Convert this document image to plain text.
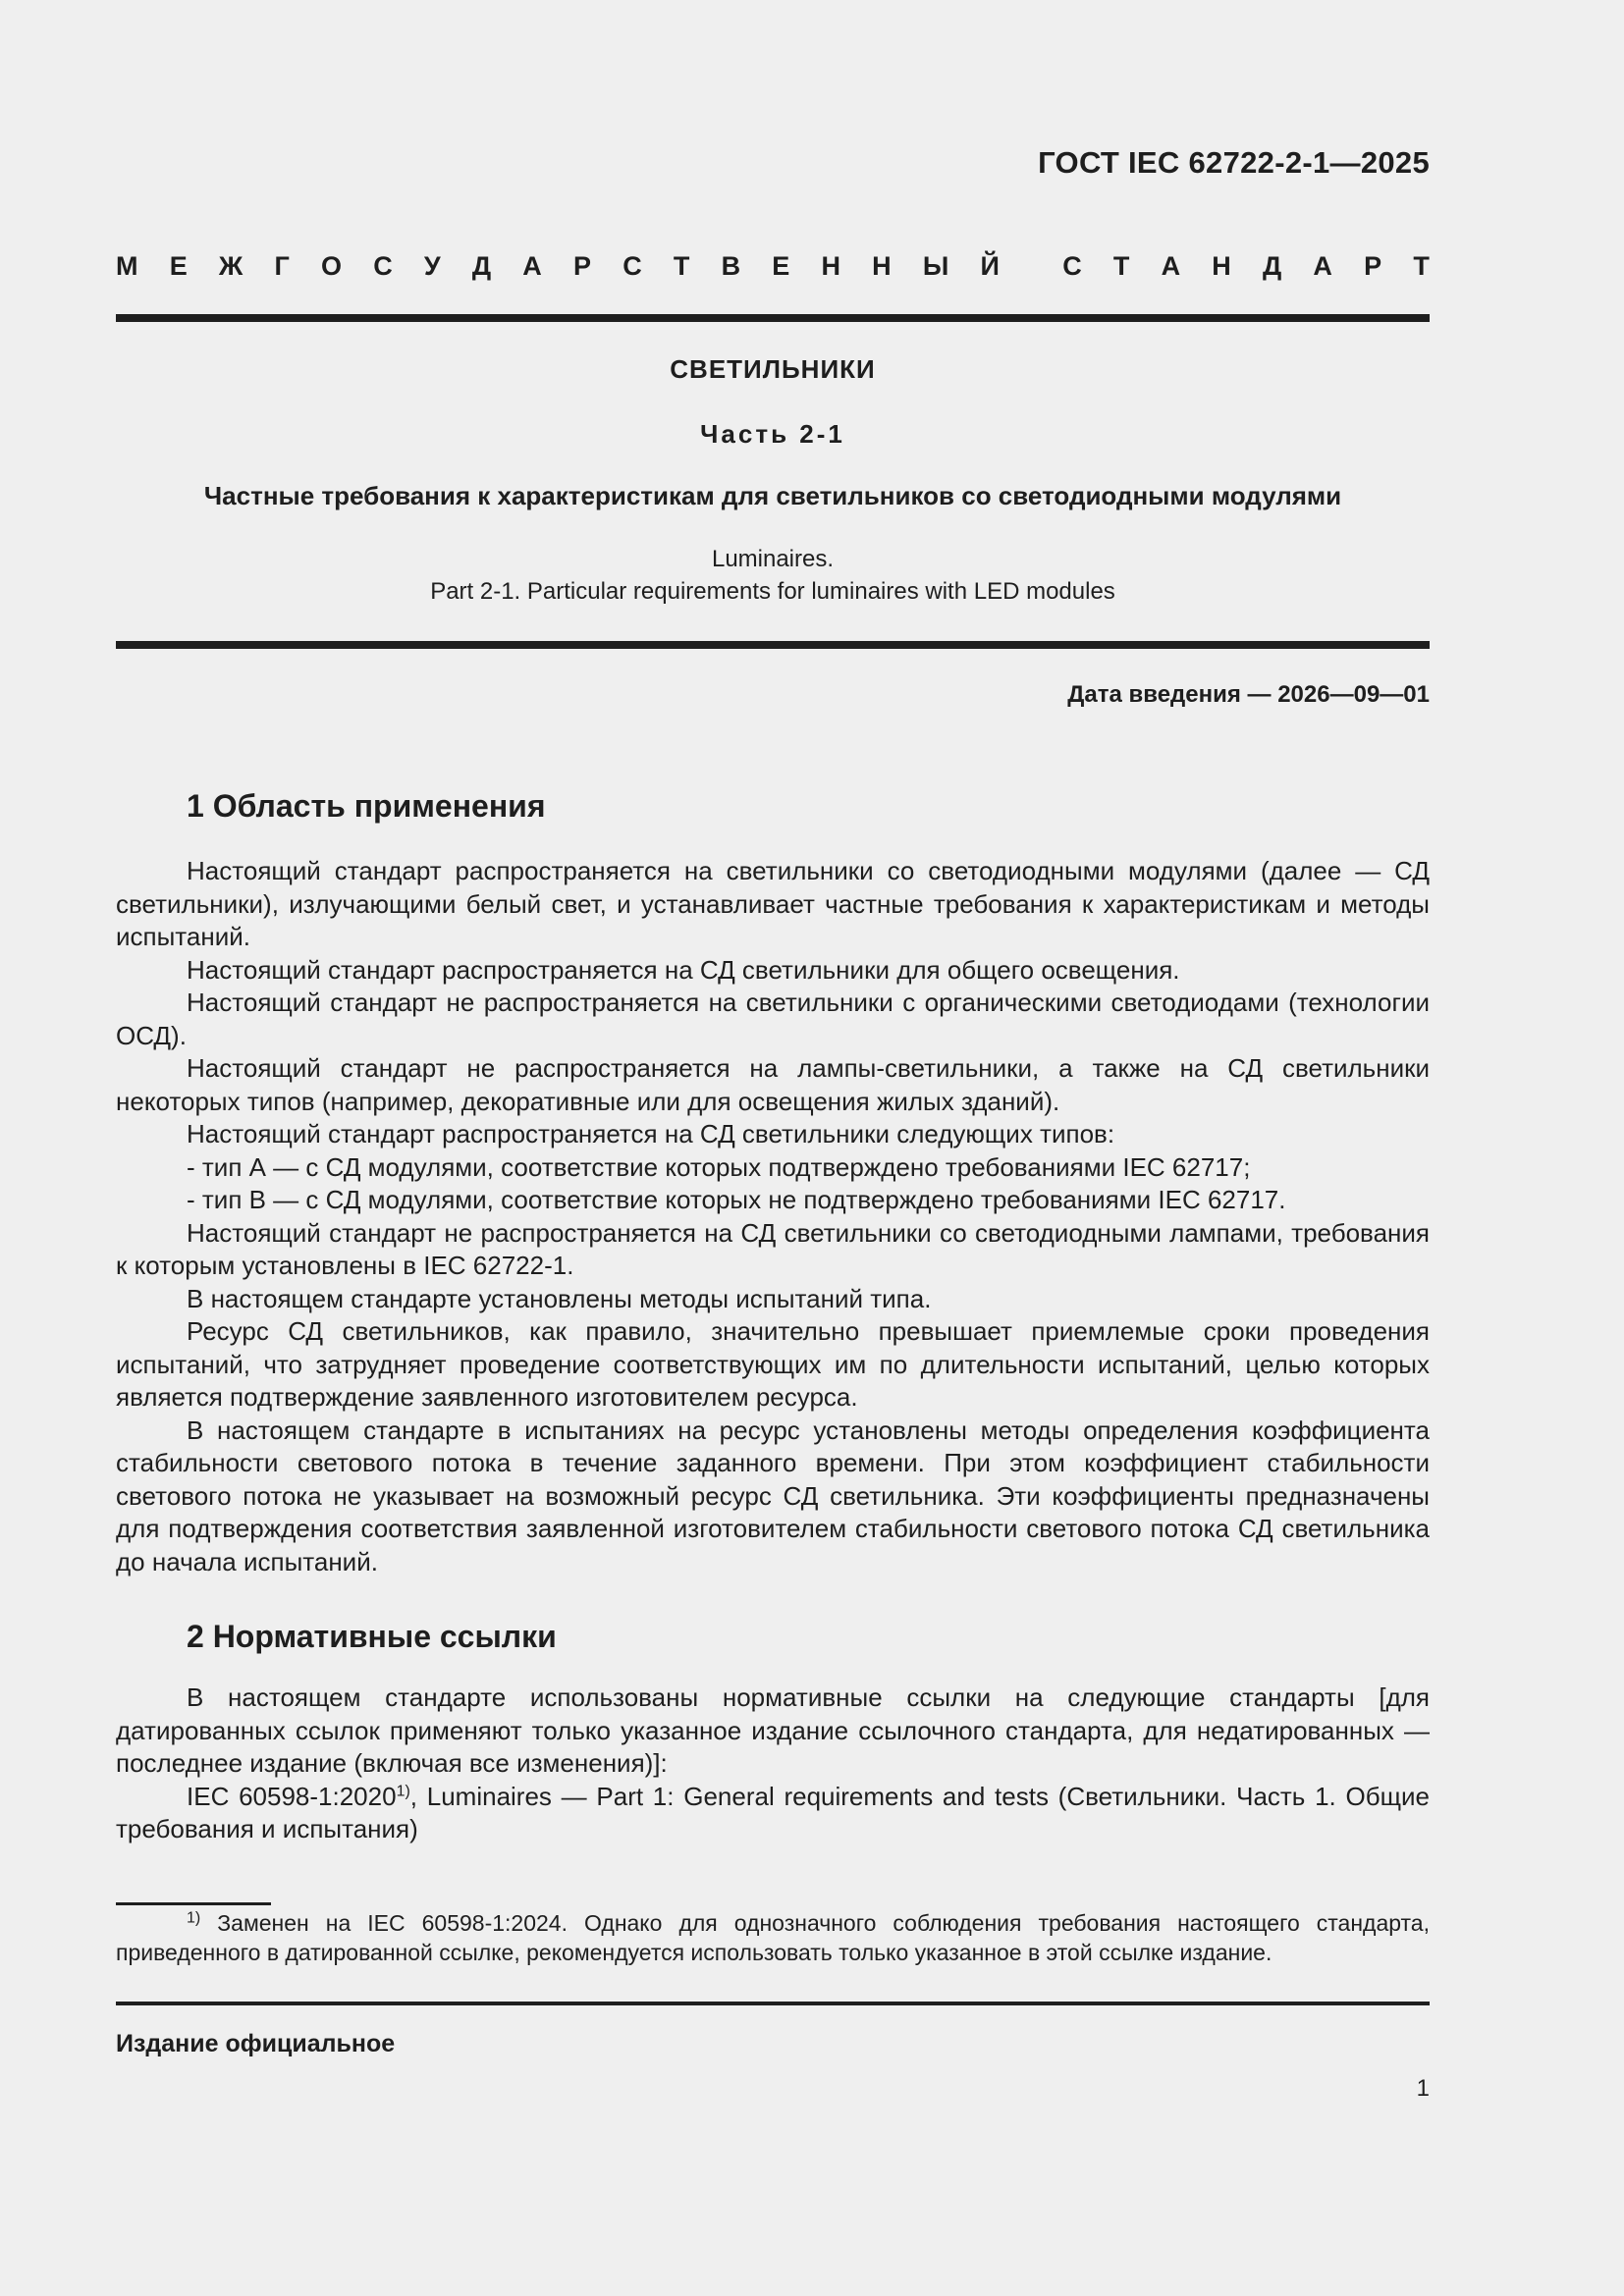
ГОСТ IEC 62722-2-1—2025
М Е Ж Г О С У Д А Р С Т В Е Н Н Ы Й С Т А Н Д А Р Т
СВЕТИЛЬНИКИ
Часть 2-1
Частные требования к характеристикам для светильников со светодиодными модулями
Luminaires.
Part 2-1. Particular requirements for luminaires with LED modules
Дата введения — 2026—09—01
1 Область применения

Настоящий стандарт распространяется на светильники со светодиодными модулями (далее — СД светильники), излучающими белый свет, и устанавливает частные требования к характеристикам и методы испытаний.

Настоящий стандарт распространяется на СД светильники для общего освещения.

Настоящий стандарт не распространяется на светильники с органическими светодиодами (технологии ОСД).

Настоящий стандарт не распространяется на лампы-светильники, а также на СД светильники некоторых типов (например, декоративные или для освещения жилых зданий).

Настоящий стандарт распространяется на СД светильники следующих типов:

- тип А — с СД модулями, соответствие которых подтверждено требованиями IEC 62717;

- тип В — с СД модулями, соответствие которых не подтверждено требованиями IEC 62717.

Настоящий стандарт не распространяется на СД светильники со светодиодными лампами, требования к которым установлены в IEC 62722-1.

В настоящем стандарте установлены методы испытаний типа.

Ресурс СД светильников, как правило, значительно превышает приемлемые сроки проведения испытаний, что затрудняет проведение соответствующих им по длительности испытаний, целью которых является подтверждение заявленного изготовителем ресурса.

В настоящем стандарте в испытаниях на ресурс установлены методы определения коэффициента стабильности светового потока в течение заданного времени. При этом коэффициент стабильности светового потока не указывает на возможный ресурс СД светильника. Эти коэффициенты предназначены для подтверждения соответствия заявленной изготовителем стабильности светового потока СД светильника до начала испытаний.

2 Нормативные ссылки

В настоящем стандарте использованы нормативные ссылки на следующие стандарты [для датированных ссылок применяют только указанное издание ссылочного стандарта, для недатированных — последнее издание (включая все изменения)]:

IEC 60598-1:2020$^{1)}$, Luminaires — Part 1: General requirements and tests (Светильники. Часть 1. Общие требования и испытания)

$^{1)}$ Заменен на IEC 60598-1:2024. Однако для однозначного соблюдения требования настоящего стандарта, приведенного в датированной ссылке, рекомендуется использовать только указанное в этой ссылке издание.

Издание официальное
1
